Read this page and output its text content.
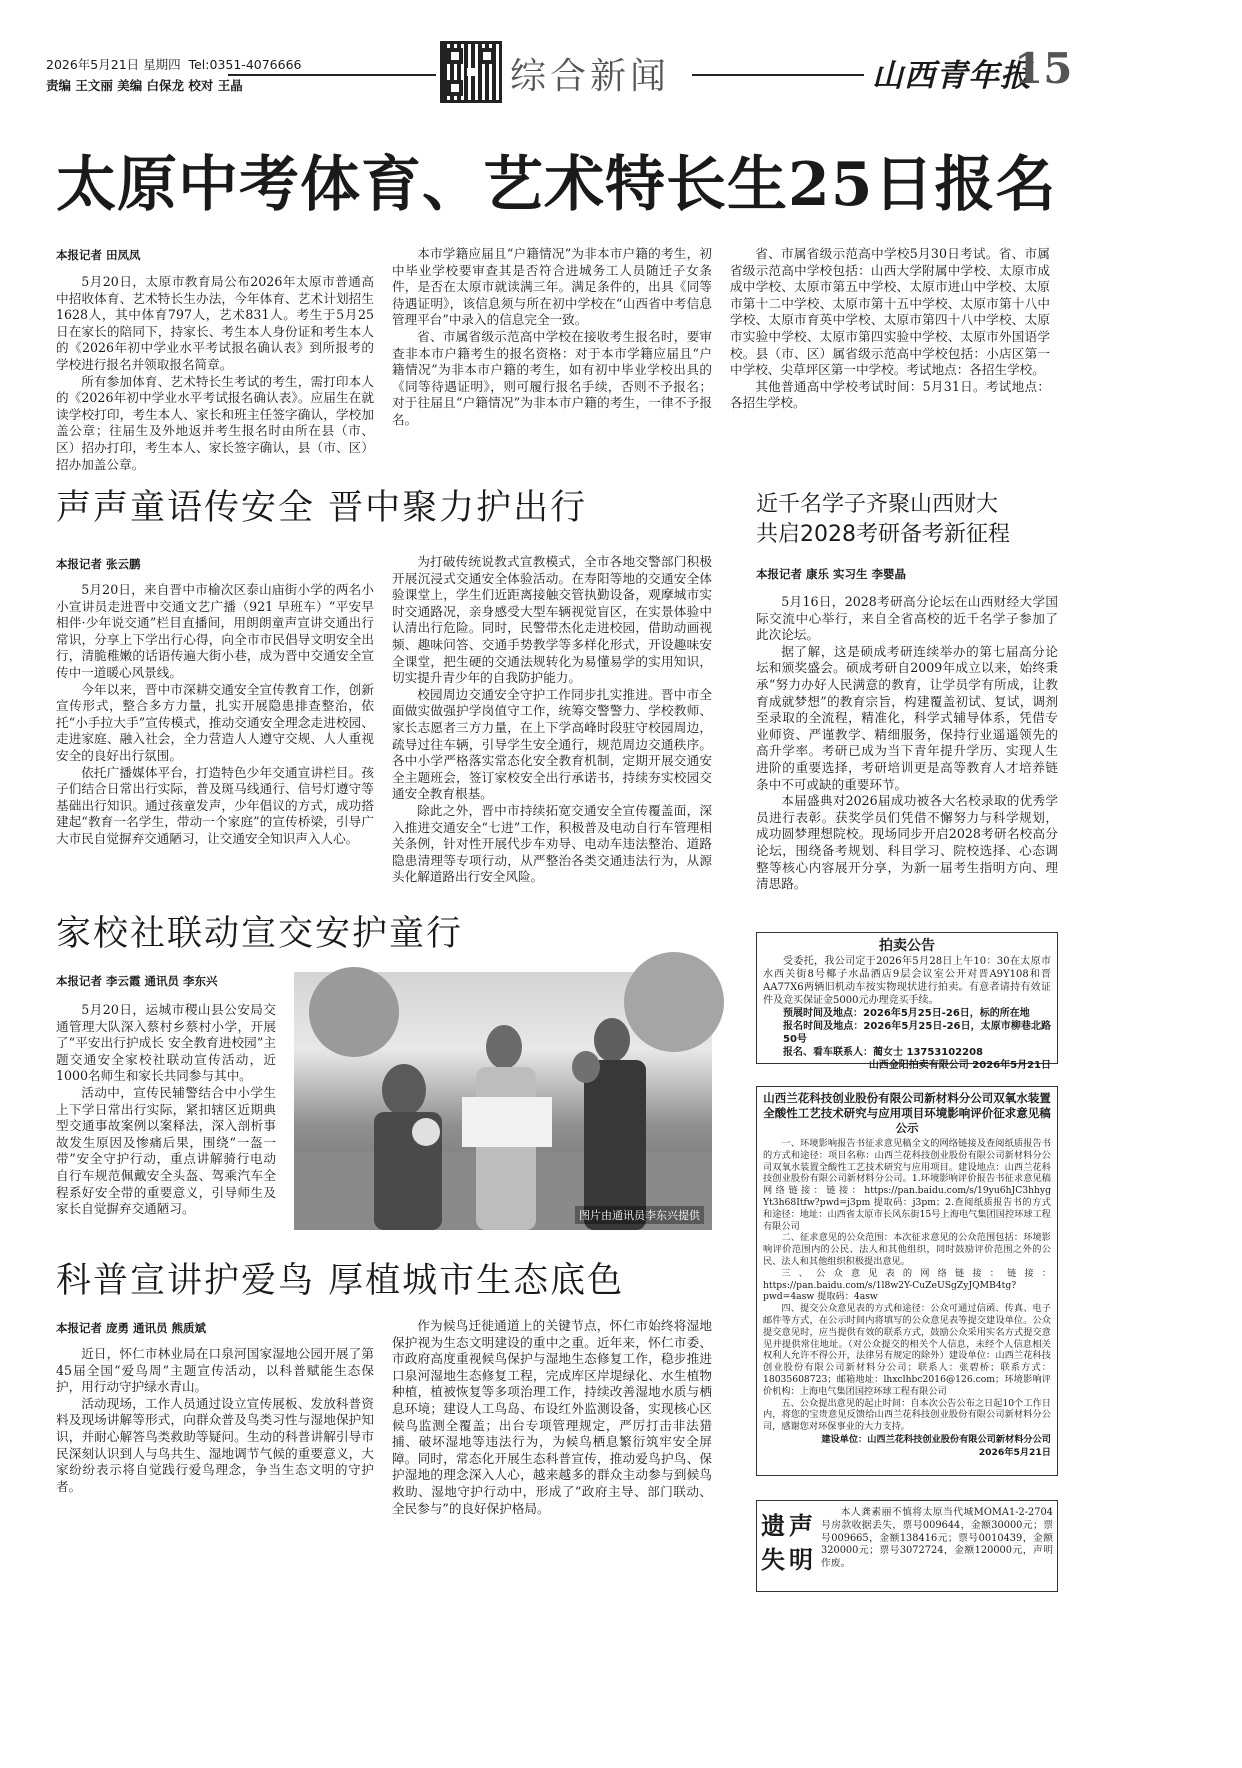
2026年5月21日 星期四 Tel:0351-4076666
责编 王文丽 美编 白保龙 校对 王晶	综合新闻	山西青年报
15
太原中考体育、艺术特长生25日报名
本报记者 田凤凤

5月20日，太原市教育局公布2026年太原市普通高中招收体育、艺术特长生办法，今年体育、艺术计划招生1628人，其中体育797人，艺术831人。考生于5月25日在家长的陪同下，持家长、考生本人身份证和考生本人的《2026年初中学业水平考试报名确认表》到所报考的学校进行报名并领取报名简章。

所有参加体育、艺术特长生考试的考生，需打印本人的《2026年初中学业水平考试报名确认表》。应届生在就读学校打印，考生本人、家长和班主任签字确认，学校加盖公章；往届生及外地返并考生报名时由所在县（市、区）招办打印，考生本人、家长签字确认，县（市、区）招办加盖公章。

本市学籍应届且“户籍情况”为非本市户籍的考生，初中毕业学校要审查其是否符合进城务工人员随迁子女条件，是否在太原市就读满三年。满足条件的，出具《同等待遇证明》，该信息须与所在初中学校在“山西省中考信息管理平台”中录入的信息完全一致。

省、市属省级示范高中学校在接收考生报名时，要审查非本市户籍考生的报名资格：对于本市学籍应届且“户籍情况”为非本市户籍的考生，如有初中毕业学校出具的《同等待遇证明》，则可履行报名手续，否则不予报名；对于往届且“户籍情况”为非本市户籍的考生，一律不予报名。

省、市属省级示范高中学校5月30日考试。省、市属省级示范高中学校包括：山西大学附属中学校、太原市成成中学校、太原市第五中学校、太原市进山中学校、太原市第十二中学校、太原市第十五中学校、太原市第十八中学校、太原市育英中学校、太原市第四十八中学校、太原市实验中学校、太原市第四实验中学校、太原市外国语学校。县（市、区）属省级示范高中学校包括：小店区第一中学校、尖草坪区第一中学校。考试地点：各招生学校。

其他普通高中学校考试时间：5月31日。考试地点：各招生学校。

声声童语传安全 晋中聚力护出行
本报记者 张云鹏

5月20日，来自晋中市榆次区泰山庙街小学的两名小小宣讲员走进晋中交通文艺广播（921 早班车）“平安早相伴·少年说交通”栏目直播间，用朗朗童声宣讲交通出行常识，分享上下学出行心得，向全市市民倡导文明安全出行，清脆稚嫩的话语传遍大街小巷，成为晋中交通安全宣传中一道暖心风景线。

今年以来，晋中市深耕交通安全宣传教育工作，创新宣传形式，整合多方力量，扎实开展隐患排查整治，依托“小手拉大手”宣传模式，推动交通安全理念走进校园、走进家庭、融入社会，全力营造人人遵守交规、人人重视安全的良好出行氛围。

依托广播媒体平台，打造特色少年交通宣讲栏目。孩子们结合日常出行实际，普及斑马线通行、信号灯遵守等基础出行知识。通过孩童发声，少年倡议的方式，成功搭建起“教育一名学生，带动一个家庭”的宣传桥梁，引导广大市民自觉摒弃交通陋习，让交通安全知识声入人心。

为打破传统说教式宣教模式，全市各地交警部门积极开展沉浸式交通安全体验活动。在寿阳等地的交通安全体验课堂上，学生们近距离接触交管执勤设备，观摩城市实时交通路况，亲身感受大型车辆视觉盲区，在实景体验中认清出行危险。同时，民警带杰化走进校园，借助动画视频、趣味问答、交通手势教学等多样化形式，开设趣味安全课堂，把生硬的交通法规转化为易懂易学的实用知识，切实提升青少年的自我防护能力。

校园周边交通安全守护工作同步扎实推进。晋中市全面做实做强护学岗值守工作，统筹交警警力、学校教师、家长志愿者三方力量，在上下学高峰时段驻守校园周边，疏导过往车辆，引导学生安全通行，规范周边交通秩序。各中小学严格落实常态化安全教育机制，定期开展交通安全主题班会，签订家校安全出行承诺书，持续夯实校园交通安全教育根基。

除此之外，晋中市持续拓宽交通安全宣传覆盖面，深入推进交通安全“七进”工作，积极普及电动自行车管理相关条例，针对性开展代步车劝导、电动车违法整治、道路隐患清理等专项行动，从严整治各类交通违法行为，从源头化解道路出行安全风险。

近千名学子齐聚山西财大
共启2028考研备考新征程
本报记者 康乐 实习生 李婴晶

5月16日，2028考研高分论坛在山西财经大学国际交流中心举行，来自全省高校的近千名学子参加了此次论坛。

据了解，这是硕成考研连续举办的第七届高分论坛和颁奖盛会。硕成考研自2009年成立以来，始终秉承“努力办好人民满意的教育，让学员学有所成，让教育成就梦想”的教育宗旨，构建覆盖初试、复试，调剂至录取的全流程，精准化，科学式辅导体系，凭借专业师资、严谨教学、精细服务，保持行业遥遥领先的高升学率。考研已成为当下青年提升学历、实现人生进阶的重要选择，考研培训更是高等教育人才培养链条中不可或缺的重要环节。

本届盛典对2026届成功被各大名校录取的优秀学员进行表彰。获奖学员们凭借不懈努力与科学规划，成功圆梦理想院校。现场同步开启2028考研名校高分论坛，围绕备考规划、科目学习、院校选择、心态调整等核心内容展开分享，为新一届考生指明方向、理清思路。

家校社联动宣交安护童行
本报记者 李云霞 通讯员 李东兴

5月20日，运城市稷山县公安局交通管理大队深入蔡村乡蔡村小学，开展了“平安出行护成长 安全教育进校园”主题交通安全家校社联动宣传活动，近1000名师生和家长共同参与其中。

活动中，宣传民辅警结合中小学生上下学日常出行实际，紧扣辖区近期典型交通事故案例以案释法，深入剖析事故发生原因及惨痛后果，围绕“一盔一带”安全守护行动，重点讲解骑行电动自行车规范佩戴安全头盔、驾乘汽车全程系好安全带的重要意义，引导师生及家长自觉摒弃交通陋习。	图片由通讯员李东兴提供
科普宣讲护爱鸟 厚植城市生态底色
本报记者 庞勇 通讯员 熊质斌

近日，怀仁市林业局在口泉河国家湿地公园开展了第45届全国“爱鸟周”主题宣传活动，以科普赋能生态保护，用行动守护绿水青山。

活动现场，工作人员通过设立宣传展板、发放科普资料及现场讲解等形式，向群众普及鸟类习性与湿地保护知识，并耐心解答鸟类救助等疑问。生动的科普讲解引导市民深刻认识到人与鸟共生、湿地调节气候的重要意义，大家纷纷表示将自觉践行爱鸟理念，争当生态文明的守护者。

作为候鸟迁徙通道上的关键节点，怀仁市始终将湿地保护视为生态文明建设的重中之重。近年来，怀仁市委、市政府高度重视候鸟保护与湿地生态修复工作，稳步推进口泉河湿地生态修复工程，完成库区岸堤绿化、水生植物种植，植被恢复等多项治理工作，持续改善湿地水质与栖息环境；建设人工鸟岛、布设红外监测设备，实现核心区候鸟监测全覆盖；出台专项管理规定，严厉打击非法猎捕、破坏湿地等违法行为，为候鸟栖息繁衍筑牢安全屏障。同时，常态化开展生态科普宣传，推动爱鸟护鸟、保护湿地的理念深入人心，越来越多的群众主动参与到候鸟救助、湿地守护行动中，形成了“政府主导、部门联动、全民参与”的良好保护格局。

拍卖公告

受委托，我公司定于2026年5月28日上午10：30在太原市水西关街8号椰子水晶酒店9层会议室公开对晋A9Y108和晋AA77X6两辆旧机动车按实物现状进行拍卖。有意者请持有效证件及竞买保证金5000元办理竞买手续。

预展时间及地点：2026年5月25日-26日，标的所在地
报名时间及地点：2026年5月25日-26日，太原市柳巷北路50号
报名、看车联系人：蔺女士 13753102208
山西金阳拍卖有限公司 2026年5月21日
山西兰花科技创业股份有限公司新材料分公司双氧水装置
全酸性工艺技术研究与应用项目环境影响评价征求意见稿公示

一、环境影响报告书征求意见稿全文的网络链接及查阅纸质报告书的方式和途径：项目名称：山西兰花科技创业股份有限公司新材料分公司双氧水装置全酸性工艺技术研究与应用项目。建设地点：山西兰花科技创业股份有限公司新材料分公司。1.环境影响评价报告书征求意见稿网络链接：链接：https://pan.baidu.com/s/19yu6hJC3hhyg Yt3h68Itfw?pwd=j3pm 提取码：j3pm；2.查阅纸质报告书的方式和途径：地址：山西省太原市长风东街15号上海电气集团国控环球工程有限公司

二、征求意见的公众范围：本次征求意见的公众范围包括：环境影响评价范围内的公民、法人和其他组织，同时鼓励评价范围之外的公民、法人和其他组织积极提出意见。

三、公众意见表的网络链接：链接：https://pan.baidu.com/s/1l8w2Y-CuZeUSgZyJQMB4tg?pwd=4asw 提取码：4asw

四、提交公众意见表的方式和途径：公众可通过信函、传真、电子邮件等方式，在公示时间内将填写的公众意见表等提交建设单位。公众提交意见时，应当提供有效的联系方式，鼓励公众采用实名方式提交意见并提供常住地址。（对公众提交的相关个人信息，未经个人信息相关权利人允许不得公开，法律另有规定的除外）建设单位：山西兰花科技创业股份有限公司新材料分公司；联系人：张碧桥；联系方式：18035608723；邮箱地址：lhxclhbc2016@126.com；环境影响评价机构：上海电气集团国控环球工程有限公司

五、公众提出意见的起止时间：自本次公告公布之日起10个工作日内，将您的宝贵意见反馈给山西兰花科技创业股份有限公司新材料分公司，感谢您对环保事业的大力支持。

建设单位：山西兰花科技创业股份有限公司新材料分公司
2026年5月21日
遗声失明

本人龚素丽不慎将太原当代城MOMA1-2-2704号房款收据丢失，票号009644，金额30000元；票号009665，金额138416元；票号0010439，金额320000元；票号3072724，金额120000元，声明作废。
